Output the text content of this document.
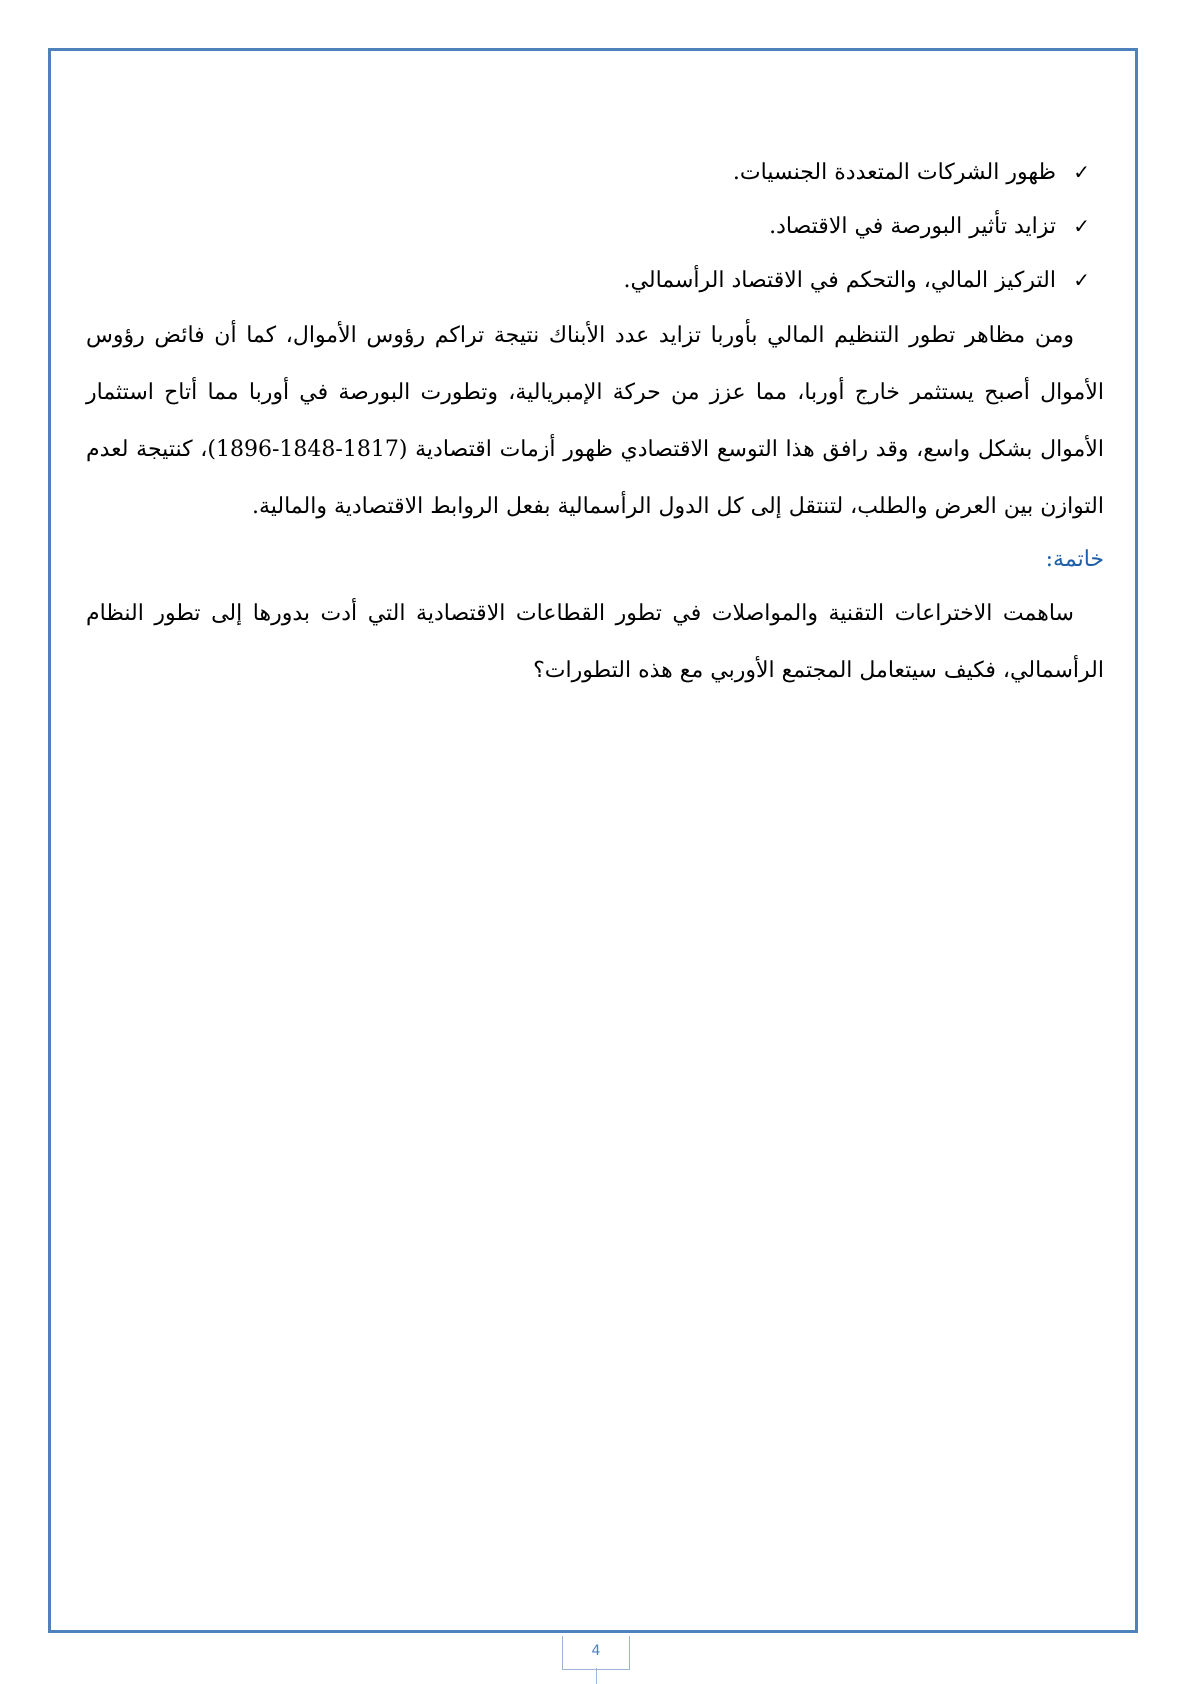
✓
ظهور الشركات المتعددة الجنسيات.
✓
تزايد تأثير البورصة في الاقتصاد.
✓
التركيز المالي، والتحكم في الاقتصاد الرأسمالي.

ومن مظاهر تطور التنظيم المالي بأوربا تزايد عدد الأبناك نتيجة تراكم رؤوس الأموال، كما أن فائض رؤوس الأموال أصبح يستثمر خارج أوربا، مما عزز من حركة الإمبريالية، وتطورت البورصة في أوربا مما أتاح استثمار الأموال بشكل واسع، وقد رافق هذا التوسع الاقتصادي ظهور أزمات اقتصادية (1817-1848-1896)، كنتيجة لعدم التوازن بين العرض والطلب، لتنتقل إلى كل الدول الرأسمالية بفعل الروابط الاقتصادية والمالية.

خاتمة:

ساهمت الاختراعات التقنية والمواصلات في تطور القطاعات الاقتصادية التي أدت بدورها إلى تطور النظام الرأسمالي، فكيف سيتعامل المجتمع الأوربي مع هذه التطورات؟

4
